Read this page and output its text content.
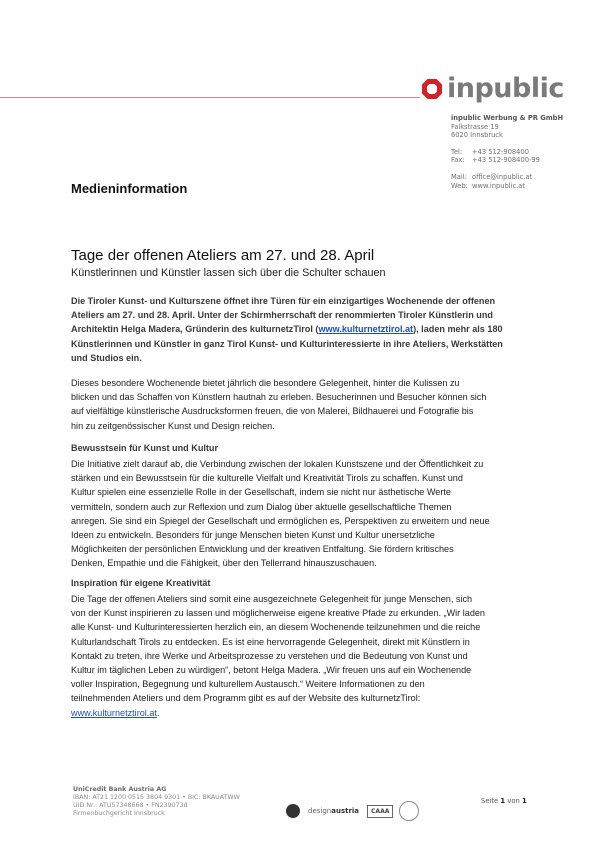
inpublic
inpublic Werbung & PR GmbH
Falkstrasse 19
6020 Innsbruck
Tel:	+43 512-908400
Fax:	+43 512-908400-99
Mail: office@inpublic.at
Web: www.inpublic.at
Medieninformation
Tage der offenen Ateliers am 27. und 28. April
Künstlerinnen und Künstler lassen sich über die Schulter schauen
Die Tiroler Kunst- und Kulturszene öffnet ihre Türen für ein einzigartiges Wochenende der offenen
Ateliers am 27. und 28. April. Unter der Schirmherrschaft der renommierten Tiroler Künstlerin und
Architektin Helga Madera, Gründerin des kulturnetzTirol (www.kulturnetztirol.at), laden mehr als 180
Künstlerinnen und Künstler in ganz Tirol Kunst- und Kulturinteressierte in ihre Ateliers, Werkstätten
und Studios ein.
Dieses besondere Wochenende bietet jährlich die besondere Gelegenheit, hinter die Kulissen zu
blicken und das Schaffen von Künstlern hautnah zu erleben. Besucherinnen und Besucher können sich
auf vielfältige künstlerische Ausdrucksformen freuen, die von Malerei, Bildhauerei und Fotografie bis
hin zu zeitgenössischer Kunst und Design reichen.
Bewusstsein für Kunst und Kultur
Die Initiative zielt darauf ab, die Verbindung zwischen der lokalen Kunstszene und der Öffentlichkeit zu
stärken und ein Bewusstsein für die kulturelle Vielfalt und Kreativität Tirols zu schaffen. Kunst und
Kultur spielen eine essenzielle Rolle in der Gesellschaft, indem sie nicht nur ästhetische Werte
vermitteln, sondern auch zur Reflexion und zum Dialog über aktuelle gesellschaftliche Themen
anregen. Sie sind ein Spiegel der Gesellschaft und ermöglichen es, Perspektiven zu erweitern und neue
Ideen zu entwickeln. Besonders für junge Menschen bieten Kunst und Kultur unersetzliche
Möglichkeiten der persönlichen Entwicklung und der kreativen Entfaltung. Sie fördern kritisches
Denken, Empathie und die Fähigkeit, über den Tellerrand hinauszuschauen.
Inspiration für eigene Kreativität
Die Tage der offenen Ateliers sind somit eine ausgezeichnete Gelegenheit für junge Menschen, sich
von der Kunst inspirieren zu lassen und möglicherweise eigene kreative Pfade zu erkunden. „Wir laden
alle Kunst- und Kulturinteressierten herzlich ein, an diesem Wochenende teilzunehmen und die reiche
Kulturlandschaft Tirols zu entdecken. Es ist eine hervorragende Gelegenheit, direkt mit Künstlern in
Kontakt zu treten, ihre Werke und Arbeitsprozesse zu verstehen und die Bedeutung von Kunst und
Kultur im täglichen Leben zu würdigen“, betont Helga Madera. „Wir freuen uns auf ein Wochenende
voller Inspiration, Begegnung und kulturellem Austausch.“ Weitere Informationen zu den
teilnehmenden Ateliers und dem Programm gibt es auf der Website des kulturnetzTirol:
www.kulturnetztirol.at.
UniCredit Bank Austria AG
IBAN: AT21 1200 0515 3804 9301 • BIC: BKAUATWW
UID Nr.: ATU57348668 • FN239073d
Firmenbuchgericht Innsbruck	designaustria	CAAA
Seite 1 von 1
